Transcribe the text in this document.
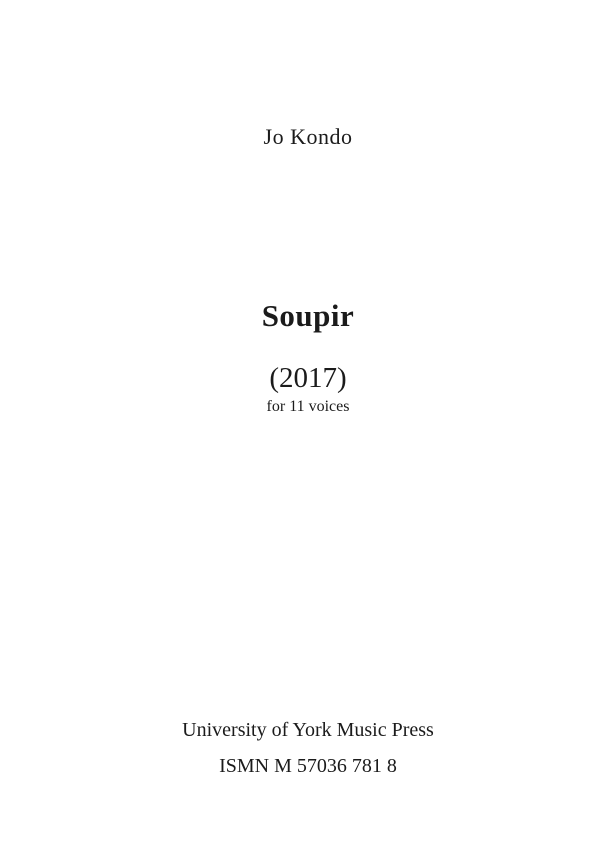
Jo Kondo
Soupir
(2017)
for 11 voices
University of York Music Press
ISMN M 57036 781 8
